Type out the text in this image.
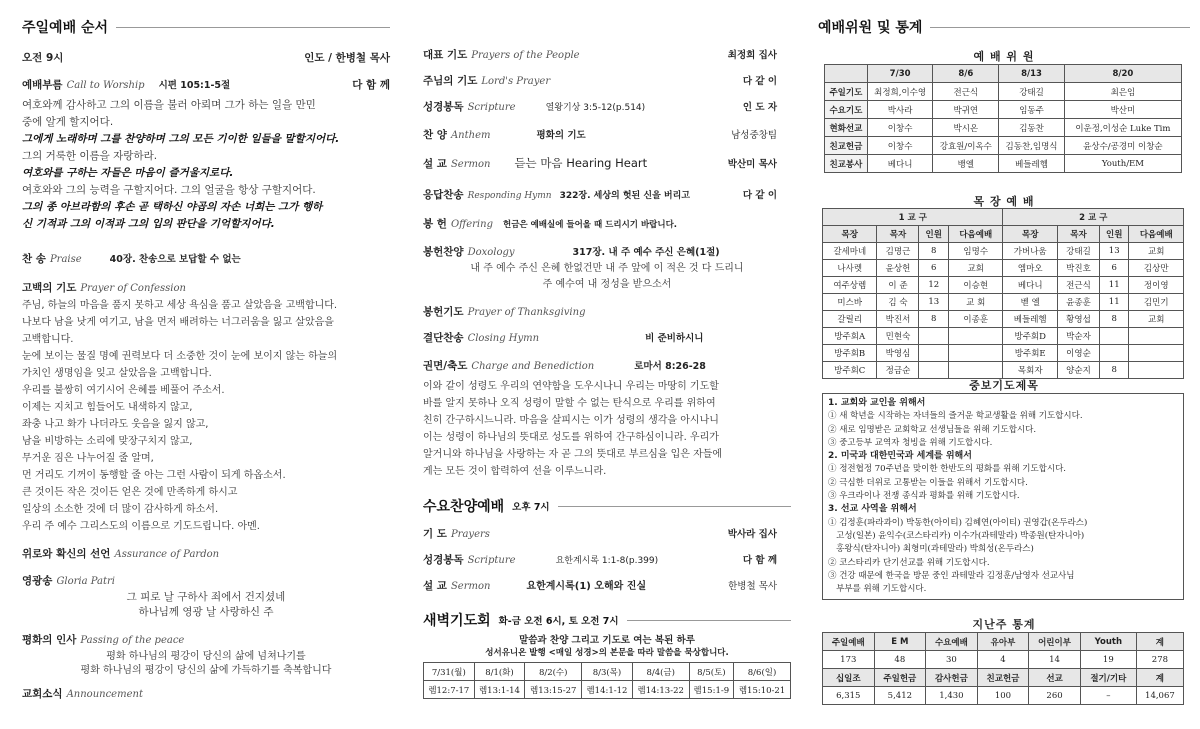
주일예배 순서
오전 9시	인도 / 한병철 목사
예배부름 Call to Worship 시편 105:1-5절	다 함 께
여호와께 감사하고 그의 이름을 불러 아뢰며 그가 하는 일을 만민
중에 알게 할지어다.
그에게 노래하며 그를 찬양하며 그의 모든 기이한 일들을 말할지어다.
그의 거룩한 이름을 자랑하라.
여호와를 구하는 자들은 마음이 즐거울지로다.
여호와와 그의 능력을 구할지어다. 그의 얼굴을 항상 구할지어다.
그의 종 아브라함의 후손 곧 택하신 야곱의 자손 너희는 그가 행하
신 기적과 그의 이적과 그의 입의 판단을 기억할지어다.
찬 송 Praise	40장. 찬송으로 보답할 수 없는
고백의 기도 Prayer of Confession
주님, 하늘의 마음을 품지 못하고 세상 욕심을 품고 살았음을 고백합니다.
나보다 남을 낫게 여기고, 남을 먼저 배려하는 너그러움을 잃고 살았음을
고백합니다.
눈에 보이는 물질 명예 권력보다 더 소중한 것이 눈에 보이지 않는 하늘의
가치인 생명임을 잊고 살았음을 고백합니다.
우리를 불쌍히 여기시어 은혜를 베풀어 주소서.
이제는 지치고 힘들어도 내색하지 않고,
좌충 나고 화가 나더라도 웃음을 잃지 않고,
남을 비방하는 소리에 맞장구치지 않고,
무거운 짐은 나누어질 줄 알며,
먼 거리도 기꺼이 동행할 줄 아는 그런 사람이 되게 하옵소서.
큰 것이든 작은 것이든 얻은 것에 만족하게 하시고
일상의 소소한 것에 더 많이 감사하게 하소서.
우리 주 예수 그리스도의 이름으로 기도드립니다. 아멘.
위로와 확신의 선언 Assurance of Pardon
영광송 Gloria Patri
그 피로 날 구하사 죄에서 건지셨네
하나님께 영광 날 사랑하신 주
평화의 인사 Passing of the peace
평화 하나님의 평강이 당신의 삶에 넘쳐나기를
평화 하나님의 평강이 당신의 삶에 가득하기를 축복합니다
교회소식 Announcement
대표 기도 Prayers of the People	최정희 집사
주님의 기도 Lord's Prayer	다 같 이
성경봉독 Scripture	열왕기상 3:5-12(p.514)	인 도 자
찬 양 Anthem	평화의 기도	남성중창팀
설 교 Sermon 듣는 마음 Hearing Heart	박산미 목사
응답찬송 Responding Hymn 322장. 세상의 헛된 신을 버리고	다 같 이
봉 헌 Offering 헌금은 예배실에 들어올 때 드리시기 바랍니다.
봉헌찬양 Doxology	317장. 내 주 예수 주신 은혜(1절)
내 주 예수 주신 은혜 한없건만 내 주 앞에 이 적은 것 다 드리니
주 예수여 내 정성을 받으소서
봉헌기도 Prayer of Thanksgiving
결단찬송 Closing Hymn	비 준비하시니
권면/축도 Charge and Benediction	로마서 8:26-28
이와 같이 성령도 우리의 연약함을 도우시나니 우리는 마땅히 기도할
바를 알지 못하나 오직 성령이 말할 수 없는 탄식으로 우리를 위하여
친히 간구하시느니라. 마음을 살피시는 이가 성령의 생각을 아시나니
이는 성령이 하나님의 뜻대로 성도를 위하여 간구하심이니라. 우리가
알거니와 하나님을 사랑하는 자 곧 그의 뜻대로 부르심을 입은 자들에
게는 모든 것이 합력하여 선을 이루느니라.
수요찬양예배 오후 7시
기 도 Prayers	박사라 집사
성경봉독 Scripture	요한계시록 1:1-8(p.399)	다 함 께
설 교 Sermon	요한계시록(1) 오해와 진실	한병철 목사
새벽기도회 화-금 오전 6시, 토 오전 7시
말씀과 찬양 그리고 기도로 여는 복된 하루
성서유니온 발행 <매일 성경>의 본문을 따라 말씀을 묵상합니다.
7/31(월)	8/1(화)	8/2(수)	8/3(목)	8/4(금)	8/5(토)	8/6(일)
렘12:7-17	렘13:1-14	렘13:15-27	렘14:1-12	렘14:13-22	렘15:1-9	렘15:10-21
예배위원 및 통계
예 배 위 원
	7/30	8/6	8/13	8/20
주일기도	최정희,이수영	전근식	강태길	최은임
수요기도	박사라	박귀연	임동주	박산미
현화선교	이창수	박시온	김동찬	이운정,이성순 Luke Tim
친교헌금	이창수	강효원/이옥수	김동찬,임명식	윤상수/공경미 이창순
친교봉사	베다니	뱅엘	베들레헴	Youth/EM
목 장 예 배
1 교 구				2 교 구			
목장	목자	인원	다음예배	목장	목자	인원	다음예배
갈세마네	김명근	8	임명수	가버나움	강태길	13	교회
나사렛	윤상헌	6	교회	엠마오	박진호	6	김상만
여주상렘	이 준	12	이승현	베다니	전근식	11	정이영
미스바	김 숙	13	교 회	벧 엘	윤종훈	11	김민기
갈릴리	박진서	8	이종훈	베들레헴	황영섭	8	교회
방주회A	민현숙			방주회D	박순자		
방주회B	박영심			방주회E	이영순		
방주회C	정금순			목회자	양순지	8	
중보기도제목
1. 교회와 교인을 위해서
① 새 학년을 시작하는 자녀들의 즐거운 학교생활을 위해 기도합시다.
② 새로 임명받은 교회학교 선생님들을 위해 기도합시다.
③ 중고등부 교역자 청빙을 위해 기도합시다.
2. 미국과 대한민국과 세계를 위해서
① 정전협정 70주년을 맞이한 한반도의 평화를 위해 기도합시다.
② 극심한 더위로 고통받는 이들을 위해서 기도합시다.
③ 우크라이나 전쟁 종식과 평화를 위해 기도합시다.
3. 선교 사역을 위해서
① 김정훈(파라과이) 박동한(아이티) 김혜연(아이티) 권영갑(온두라스)
고성(일본) 윤익수(코스타리카) 이수가(과테말라) 박종원(탄자니아)
홍왕식(탄자니아) 최형미(과테말라) 박희성(온두라스)
② 코스타리카 단기선교를 위해 기도합시다.
③ 건강 때문에 한국을 방문 중인 과테말라 김정훈/남영자 선교사님
부부를 위해 기도합시다.
지난주 통계
주일예배	E M	수요예배	유아부	어린이부	Youth	계
173	48	30	4	14	19	278
십일조	주일헌금	감사헌금	친교헌금	선교	절기/기타	계
6,315	5,412	1,430	100	260	–	14,067
